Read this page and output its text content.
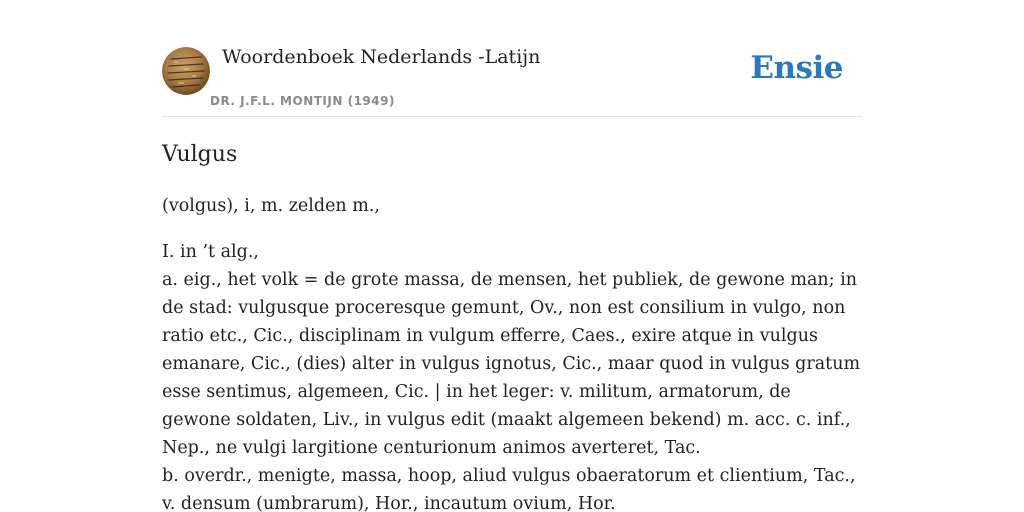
Woordenboek Nederlands -Latijn
DR. J.F.L. MONTIJN (1949)
Ensie
Vulgus

(volgus), i, m. zelden m.,

I. in ’t alg.,

a. eig., het volk = de grote massa, de mensen, het publiek, de gewone man; in de stad: vulgusque proceresque gemunt, Ov., non est consilium in vulgo, non ratio etc., Cic., disciplinam in vulgum efferre, Caes., exire atque in vulgus emanare, Cic., (dies) alter in vulgus ignotus, Cic., maar quod in vulgus gratum esse sentimus, algemeen, Cic. | in het leger: v. militum, armatorum, de gewone soldaten, Liv., in vulgus edit (maakt algemeen bekend) m. acc. c. inf., Nep., ne vulgi largitione centurionum animos averteret, Tac.

b. overdr., menigte, massa, hoop, aliud vulgus obaeratorum et clientium, Tac., v. densum (umbrarum), Hor., incautum ovium, Hor.
